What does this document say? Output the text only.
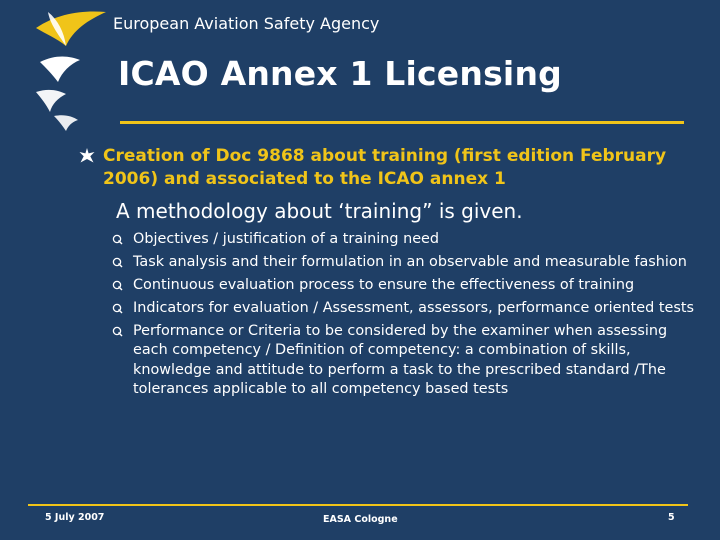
European Aviation Safety Agency
ICAO Annex 1 Licensing
Creation of Doc 9868 about training (first edition February 2006) and associated to the ICAO annex 1
A methodology about ‘training” is given.
Objectives / justification of a training need
Task analysis and their formulation in an observable and measurable fashion
Continuous evaluation process to ensure the effectiveness of training
Indicators for evaluation / Assessment, assessors, performance oriented tests
Performance or Criteria to be considered by the examiner when assessing each competency / Definition of competency: a combination of skills, knowledge and attitude to perform a task to the prescribed standard /The tolerances applicable to all competency based tests
5 July 2007	EASA Cologne	5
